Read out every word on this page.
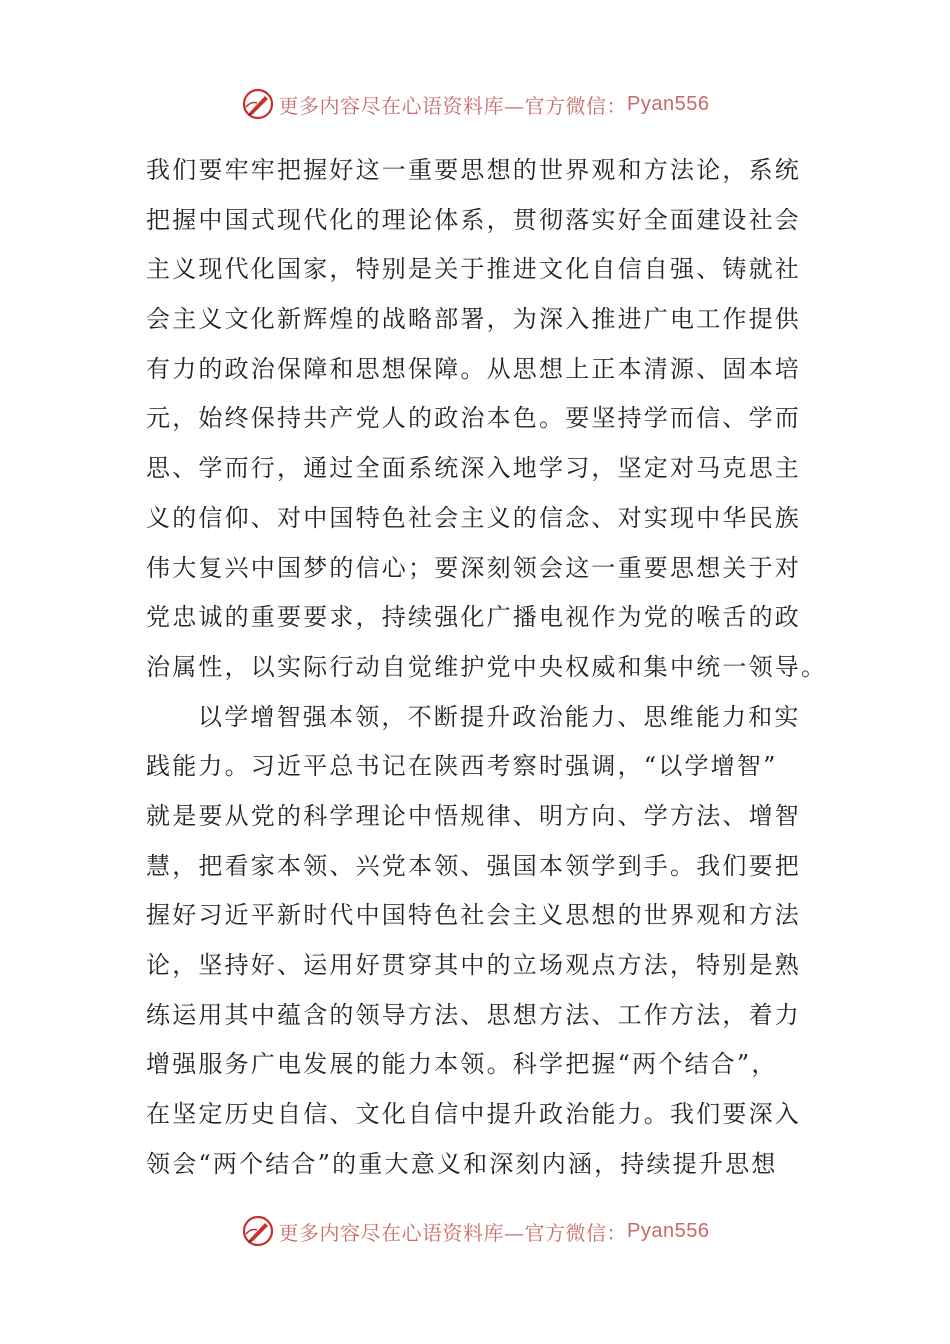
更多内容尽在心语资料库—官方微信： Pyan556
我们要牢牢把握好这一重要思想的世界观和方法论，系统
把握中国式现代化的理论体系，贯彻落实好全面建设社会
主义现代化国家，特别是关于推进文化自信自强、铸就社
会主义文化新辉煌的战略部署，为深入推进广电工作提供
有力的政治保障和思想保障。从思想上正本清源、固本培
元，始终保持共产党人的政治本色。要坚持学而信、学而
思、学而行，通过全面系统深入地学习，坚定对马克思主
义的信仰、对中国特色社会主义的信念、对实现中华民族
伟大复兴中国梦的信心；要深刻领会这一重要思想关于对
党忠诚的重要要求，持续强化广播电视作为党的喉舌的政
治属性，以实际行动自觉维护党中央权威和集中统一领导。
以学增智强本领，不断提升政治能力、思维能力和实
践能力。习近平总书记在陕西考察时强调，“以学增智”
就是要从党的科学理论中悟规律、明方向、学方法、增智
慧，把看家本领、兴党本领、强国本领学到手。我们要把
握好习近平新时代中国特色社会主义思想的世界观和方法
论，坚持好、运用好贯穿其中的立场观点方法，特别是熟
练运用其中蕴含的领导方法、思想方法、工作方法，着力
增强服务广电发展的能力本领。科学把握“两个结合”，
在坚定历史自信、文化自信中提升政治能力。我们要深入
领会“两个结合”的重大意义和深刻内涵，持续提升思想
更多内容尽在心语资料库—官方微信： Pyan556
